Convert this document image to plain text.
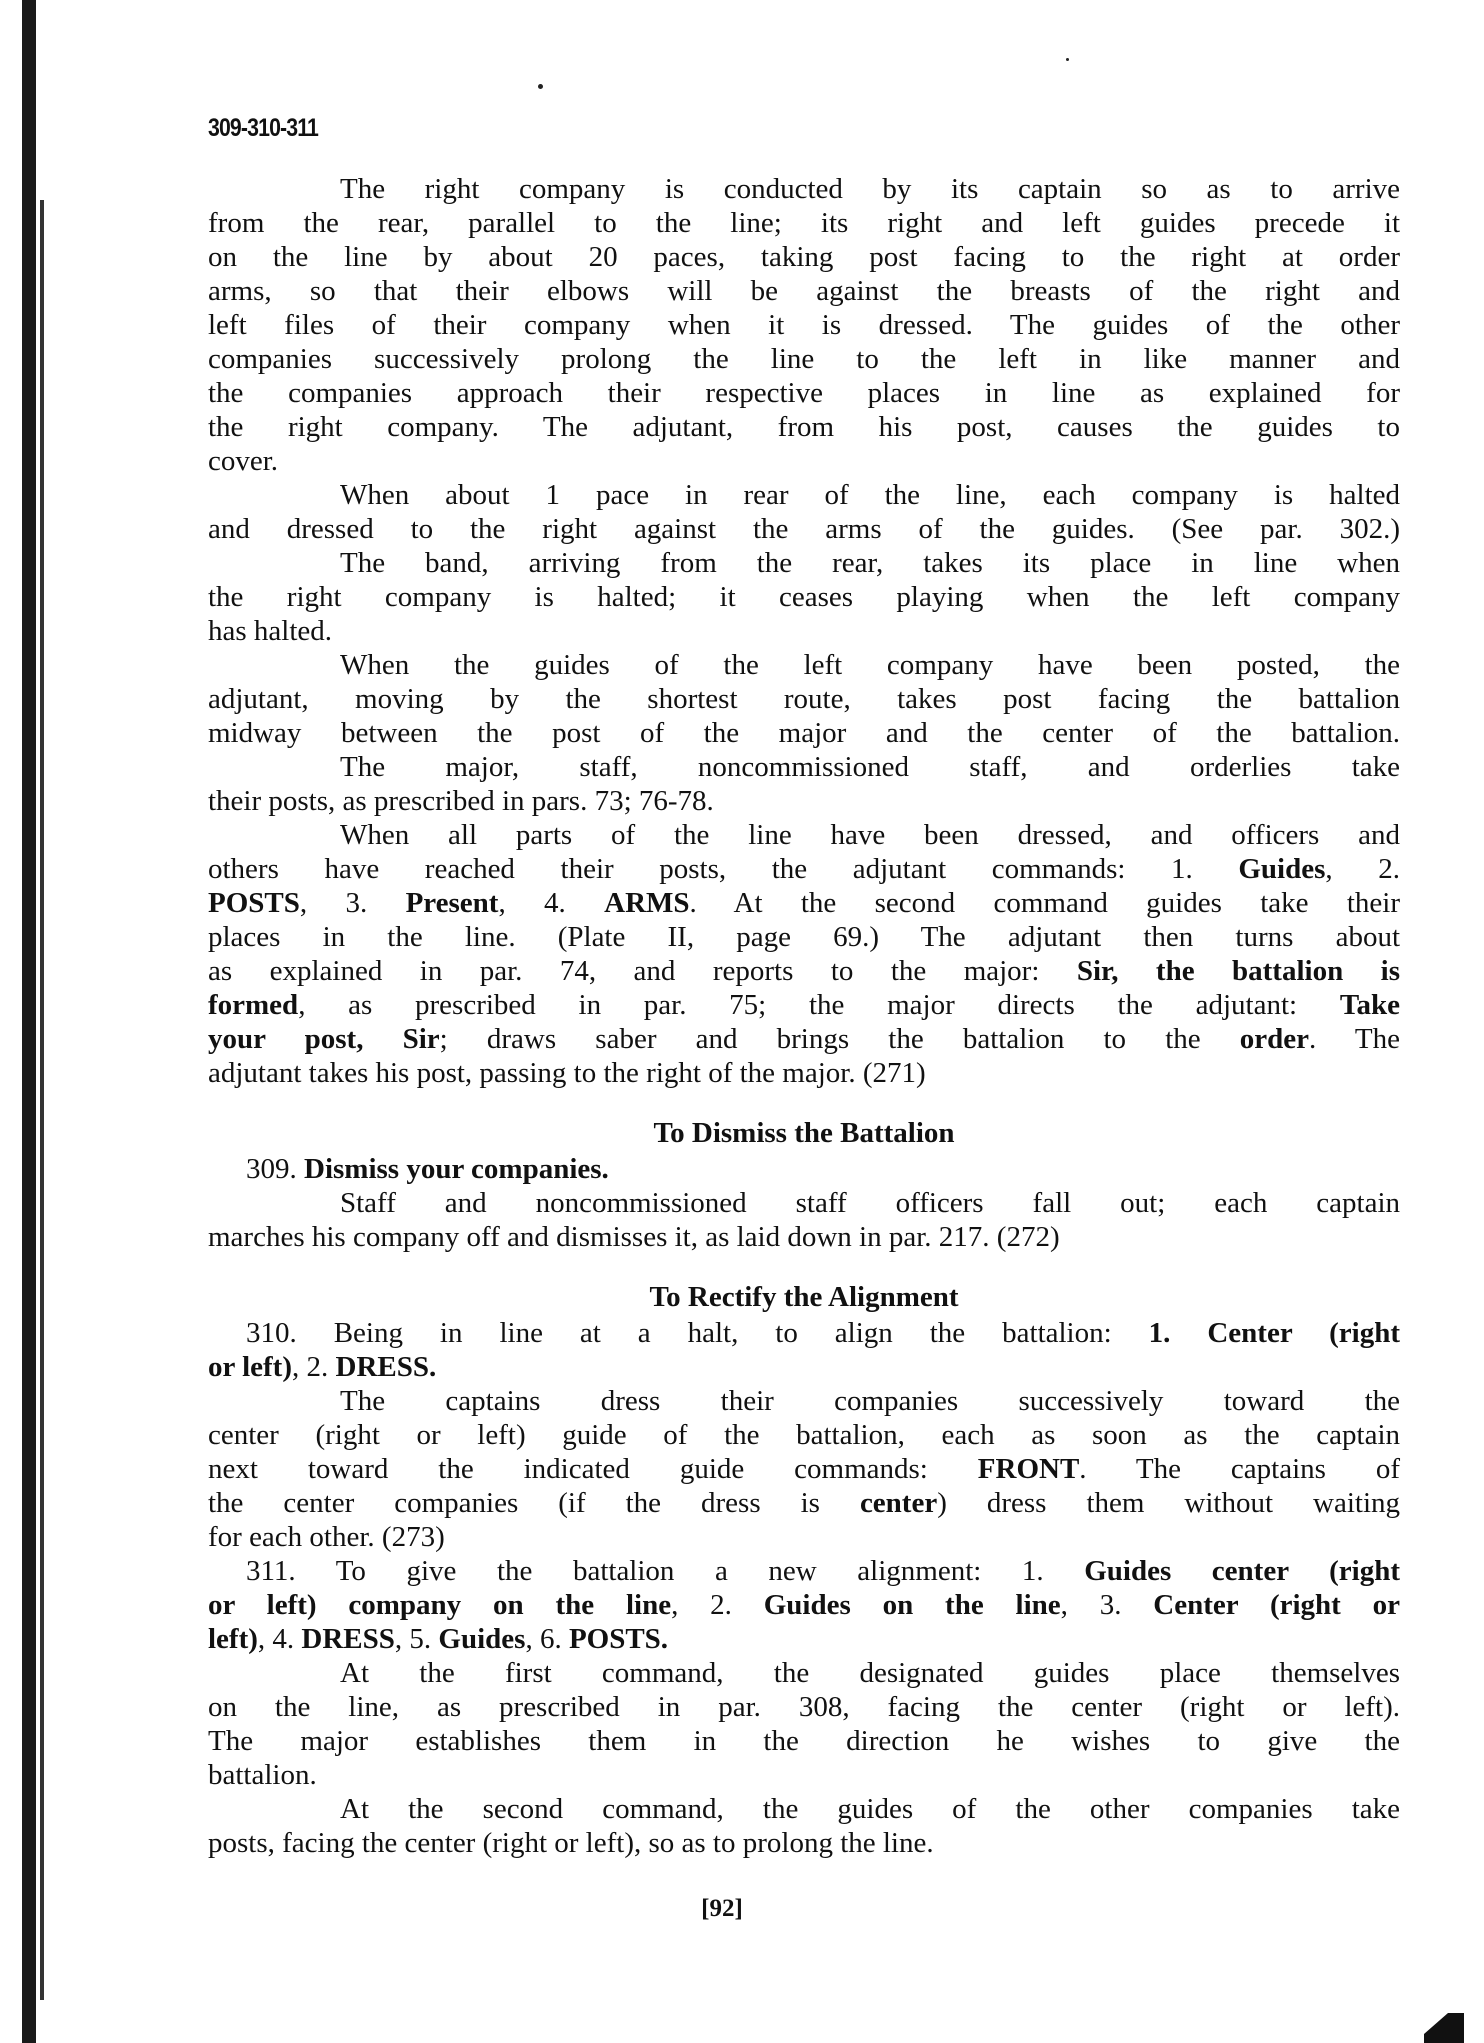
309-310-311
The right company is conducted by its captain so as to arrive
from the rear, parallel to the line; its right and left guides precede it
on the line by about 20 paces, taking post facing to the right at order
arms, so that their elbows will be against the breasts of the right and
left files of their company when it is dressed. The guides of the other
companies successively prolong the line to the left in like manner and
the companies approach their respective places in line as explained for
the right company. The adjutant, from his post, causes the guides to
cover.
When about 1 pace in rear of the line, each company is halted
and dressed to the right against the arms of the guides. (See par. 302.)
The band, arriving from the rear, takes its place in line when
the right company is halted; it ceases playing when the left company
has halted.
When the guides of the left company have been posted, the
adjutant, moving by the shortest route, takes post facing the battalion
midway between the post of the major and the center of the battalion.
The major, staff, noncommissioned staff, and orderlies take
their posts, as prescribed in pars. 73; 76-78.
When all parts of the line have been dressed, and officers and
others have reached their posts, the adjutant commands: 1. Guides, 2.
POSTS, 3. Present, 4. ARMS. At the second command guides take their
places in the line. (Plate II, page 69.) The adjutant then turns about
as explained in par. 74, and reports to the major: Sir, the battalion is
formed, as prescribed in par. 75; the major directs the adjutant: Take
your post, Sir; draws saber and brings the battalion to the order. The
adjutant takes his post, passing to the right of the major. (271)
To Dismiss the Battalion
309. Dismiss your companies.
Staff and noncommissioned staff officers fall out; each captain
marches his company off and dismisses it, as laid down in par. 217. (272)
To Rectify the Alignment
310. Being in line at a halt, to align the battalion: 1. Center (right
or left), 2. DRESS.
The captains dress their companies successively toward the
center (right or left) guide of the battalion, each as soon as the captain
next toward the indicated guide commands: FRONT. The captains of
the center companies (if the dress is center) dress them without waiting
for each other. (273)
311. To give the battalion a new alignment: 1. Guides center (right
or left) company on the line, 2. Guides on the line, 3. Center (right or
left), 4. DRESS, 5. Guides, 6. POSTS.
At the first command, the designated guides place themselves
on the line, as prescribed in par. 308, facing the center (right or left).
The major establishes them in the direction he wishes to give the
battalion.
At the second command, the guides of the other companies take
posts, facing the center (right or left), so as to prolong the line.
[92]
